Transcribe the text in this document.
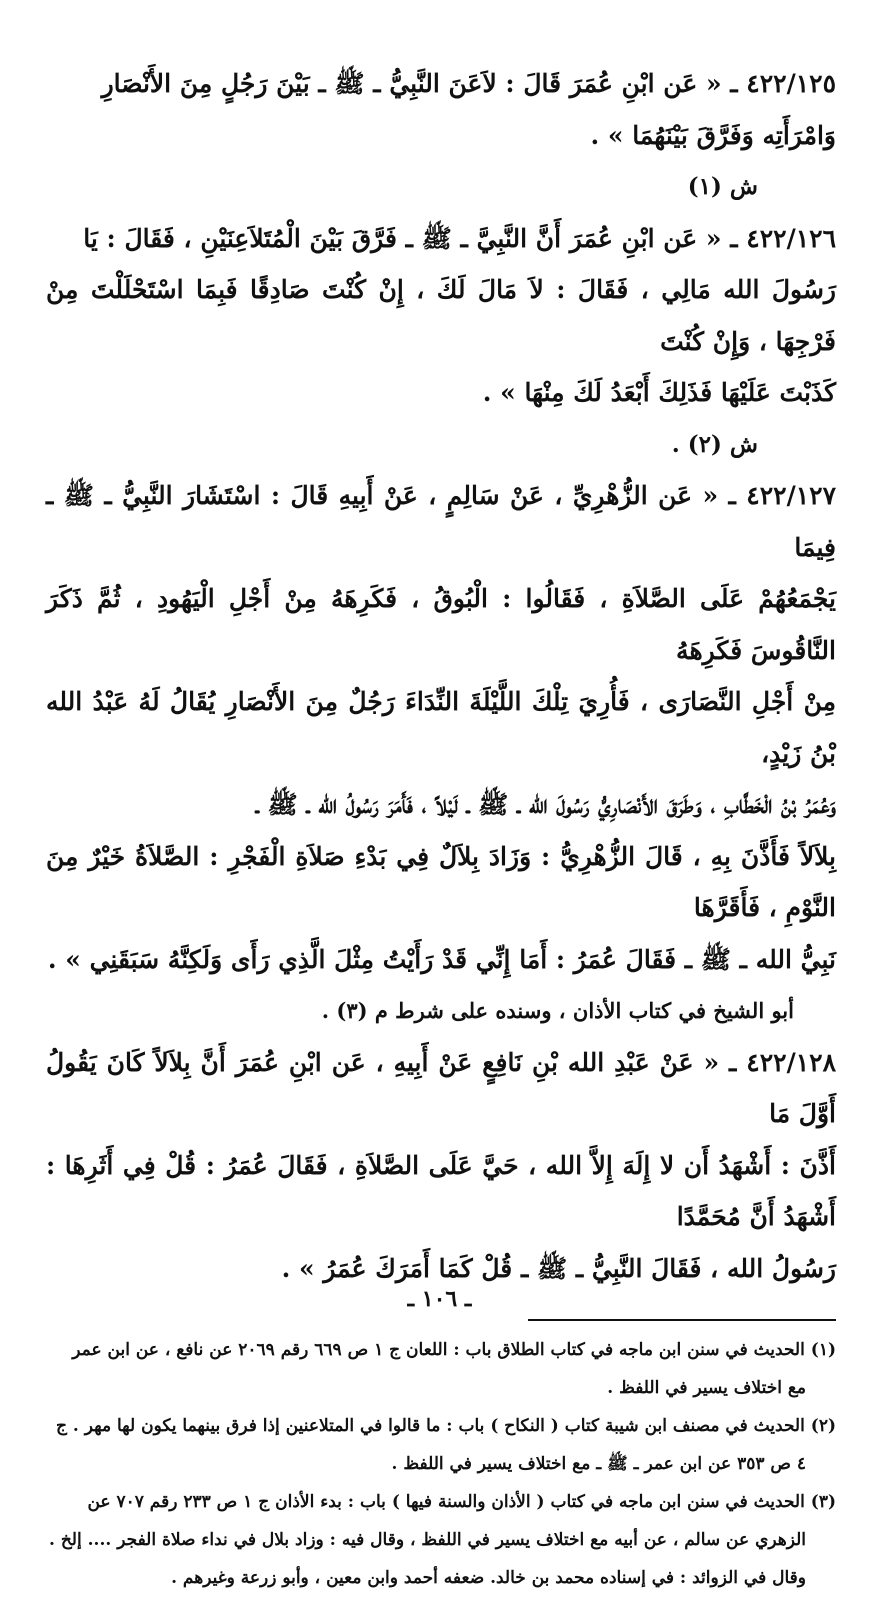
٤٢٢/١٢٥ ـ « عَن ابْنِ عُمَرَ قَالَ : لاَعَنَ النَّبِيُّ ـ ﷺ ـ بَيْنَ رَجُلٍ مِنَ الأَنْصَارِ

وَامْرَأَتِه وَفَرَّقَ بَيْنَهُمَا » .

ش (١)

٤٢٢/١٢٦ ـ « عَن ابْنِ عُمَرَ أَنَّ النَّبِيَّ ـ ﷺ ـ فَرَّقَ بَيْنَ الْمُتَلاَعِنَيْنِ ، فَقَالَ : يَا

رَسُولَ الله مَالِي ، فَقَالَ : لاَ مَالَ لَكَ ، إِنْ كُنْتَ صَادِقًا فَبِمَا اسْتَحْلَلْتَ مِنْ فَرْجِهَا ، وَإِنْ كُنْتَ

كَذَبْتَ عَلَيْهَا فَذَلِكَ أَبْعَدُ لَكَ مِنْهَا » .

ش (٢) .

٤٢٢/١٢٧ ـ « عَن الزُّهْرِيِّ ، عَنْ سَالِمٍ ، عَنْ أَبِيهِ قَالَ : اسْتَشَارَ النَّبِيُّ ـ ﷺ ـ فِيمَا

يَجْمَعُهُمْ عَلَى الصَّلاَةِ ، فَقَالُوا : الْبُوقُ ، فَكَرِهَهُ مِنْ أَجْلِ الْيَهُودِ ، ثُمَّ ذَكَرَ النَّاقُوسَ فَكَرِهَهُ

مِنْ أَجْلِ النَّصَارَى ، فَأُرِيَ تِلْكَ اللَّيْلَةَ النِّدَاءَ رَجُلٌ مِنَ الأَنْصَارِ يُقَالُ لَهُ عَبْدُ الله بْنُ زَيْدٍ،

وَعُمَرُ بْنُ الْخَطَّابِ ، وَطَرَقَ الأَنْصَارِيُّ رَسُولَ الله ـ ﷺ ـ لَيْلاً ، فَأَمَرَ رَسُولُ الله ـ ﷺ ـ

بِلاَلاً فَأَذَّنَ بِهِ ، قَالَ الزُّهْرِيُّ : وَزَادَ بِلاَلٌ فِي بَدْءِ صَلاَةِ الْفَجْرِ : الصَّلاَةُ خَيْرٌ مِنَ النَّوْمِ ، فَأَقَرَّهَا

نَبِيُّ الله ـ ﷺ ـ فَقَالَ عُمَرُ : أَمَا إِنِّي قَدْ رَأَيْتُ مِثْلَ الَّذِي رَأَى وَلَكِنَّهُ سَبَقَنِي » .

أبو الشيخ في كتاب الأذان ، وسنده على شرط م (٣) .

٤٢٢/١٢٨ ـ « عَنْ عَبْدِ الله بْنِ نَافِعٍ عَنْ أَبِيهِ ، عَن ابْنِ عُمَرَ أَنَّ بِلاَلاً كَانَ يَقُولُ أَوَّلَ مَا

أَذَّنَ : أَشْهَدُ أَن لا إِلَهَ إِلاَّ الله ، حَيَّ عَلَى الصَّلاَةِ ، فَقَالَ عُمَرُ : قُلْ فِي أَثَرِهَا : أَشْهَدُ أَنَّ مُحَمَّدًا

رَسُولُ الله ، فَقَالَ النَّبِيُّ ـ ﷺ ـ قُلْ كَمَا أَمَرَكَ عُمَرُ » .

(١) الحديث في سنن ابن ماجه في كتاب الطلاق باب : اللعان ج ١ ص ٦٦٩ رقم ٢٠٦٩ عن نافع ، عن ابن عمر

مع اختلاف يسير في اللفظ .

(٢) الحديث في مصنف ابن شيبة كتاب ( النكاح ) باب : ما قالوا في المتلاعنين إذا فرق بينهما يكون لها مهر . ج

٤ ص ٣٥٣ عن ابن عمر ـ ﷺ ـ مع اختلاف يسير في اللفظ .

(٣) الحديث في سنن ابن ماجه في كتاب ( الأذان والسنة فيها ) باب : بدء الأذان ج ١ ص ٢٣٣ رقم ٧٠٧ عن

الزهري عن سالم ، عن أبيه مع اختلاف يسير في اللفظ ، وقال فيه : وزاد بلال في نداء صلاة الفجر .... إلخ .

وقال في الزوائد : في إسناده محمد بن خالد. ضعفه أحمد وابن معين ، وأبو زرعة وغيرهم .

ـ ١٠٦ ـ
